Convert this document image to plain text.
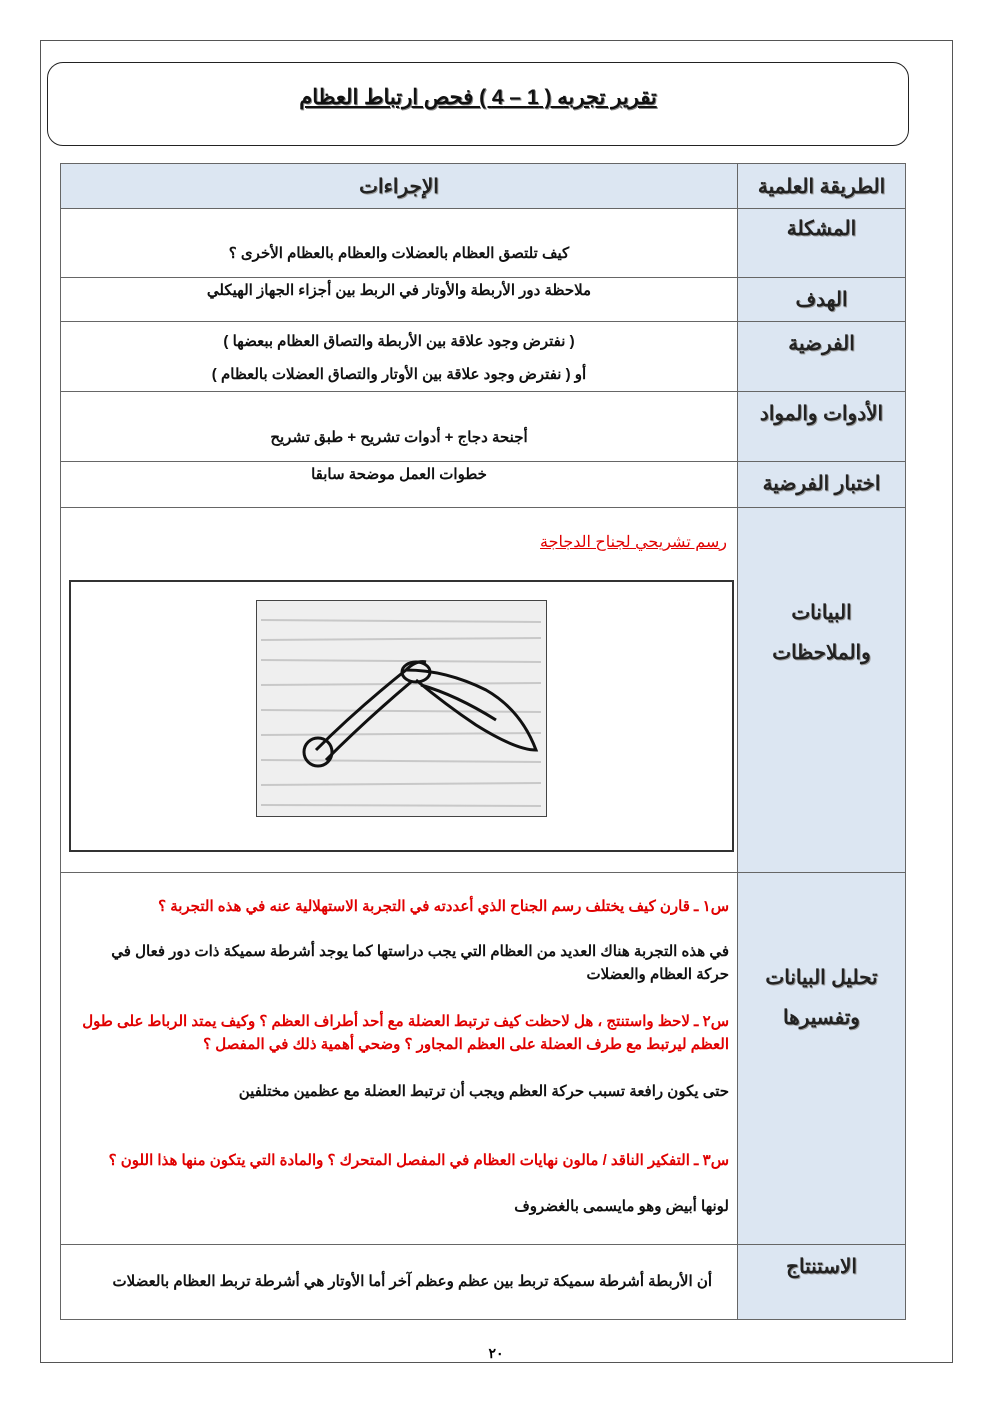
تقرير تجربه ( 1 – 4 ) فحص ارتباط العظام
الطريقة العلمية
الإجراءات
المشكلة
كيف تلتصق العظام بالعضلات والعظام بالعظام الأخرى ؟
الهدف
ملاحظة دور الأربطة والأوتار في الربط بين أجزاء الجهاز الهيكلي
الفرضية
( نفترض وجود علاقة بين الأربطة والتصاق العظام ببعضها )
أو ( نفترض وجود علاقة بين الأوتار والتصاق العضلات بالعظام )
الأدوات والمواد
أجنحة دجاج + أدوات تشريح + طبق تشريح
اختبار الفرضية
خطوات العمل موضحة سابقا
البيانات
والملاحظات
رسم تشريحي لجناح الدجاجة
تحليل البيانات
وتفسيرها
س١ ـ قارن كيف يختلف رسم الجناح الذي أعددته في التجربة الاستهلالية عنه في هذه التجربة ؟
في هذه التجربة هناك العديد من العظام التي يجب دراستها كما يوجد أشرطة سميكة ذات دور فعال في حركة العظام والعضلات
س٢ ـ لاحظ واستنتج ، هل لاحظت كيف ترتبط العضلة مع أحد أطراف العظم ؟ وكيف يمتد الرباط على طول العظم ليرتبط مع طرف العضلة على العظم المجاور ؟ وضحي أهمية ذلك في المفصل ؟
حتى يكون رافعة تسبب حركة العظم ويجب أن ترتبط العضلة مع عظمين مختلفين
س٣ ـ التفكير الناقد / مالون نهايات العظام في المفصل المتحرك ؟ والمادة التي يتكون منها هذا اللون ؟
لونها أبيض وهو مايسمى بالغضروف
الاستنتاج
أن الأربطة أشرطة سميكة تربط بين عظم وعظم آخر أما الأوتار هي أشرطة تربط العظام بالعضلات
٢٠
